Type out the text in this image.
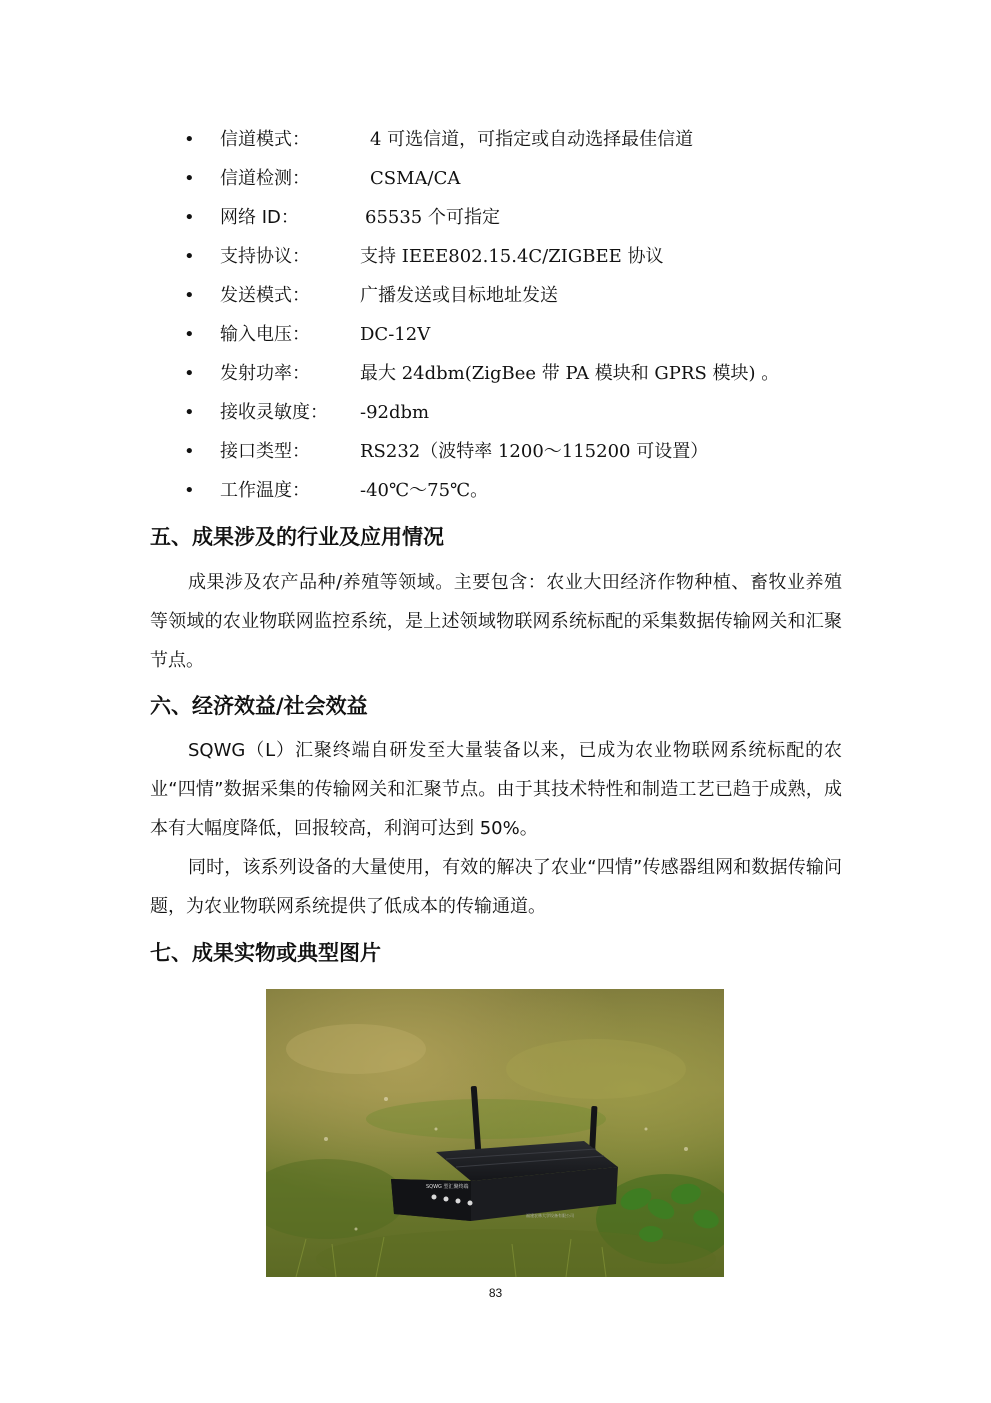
• 信道模式：	4 可选信道，可指定或自动选择最佳信道
• 信道检测：	CSMA/CA
• 网络 ID：	65535 个可指定
• 支持协议：	支持 IEEE802.15.4C/ZIGBEE 协议
• 发送模式：	广播发送或目标地址发送
• 输入电压：	DC-12V
• 发射功率：	最大 24dbm(ZigBee 带 PA 模块和 GPRS 模块) 。
• 接收灵敏度： -92dbm
• 接口类型：	RS232（波特率 1200～115200 可设置）
• 工作温度：	-40℃～75℃。
五、成果涉及的行业及应用情况
成果涉及农产品种/养殖等领域。主要包含：农业大田经济作物种植、畜牧业养殖等领域的农业物联网监控系统，是上述领域物联网系统标配的采集数据传输网关和汇聚节点。
六、经济效益/社会效益
SQWG（L）汇聚终端自研发至大量装备以来，已成为农业物联网系统标配的农业“四情”数据采集的传输网关和汇聚节点。由于其技术特性和制造工艺已趋于成熟，成本有大幅度降低，回报较高，利润可达到 50%。
同时，该系列设备的大量使用，有效的解决了农业“四情”传感器组网和数据传输问题，为农业物联网系统提供了低成本的传输通道。
七、成果实物或典型图片
SQWG 型汇聚终端
福建农林大学设备有限公司
83
